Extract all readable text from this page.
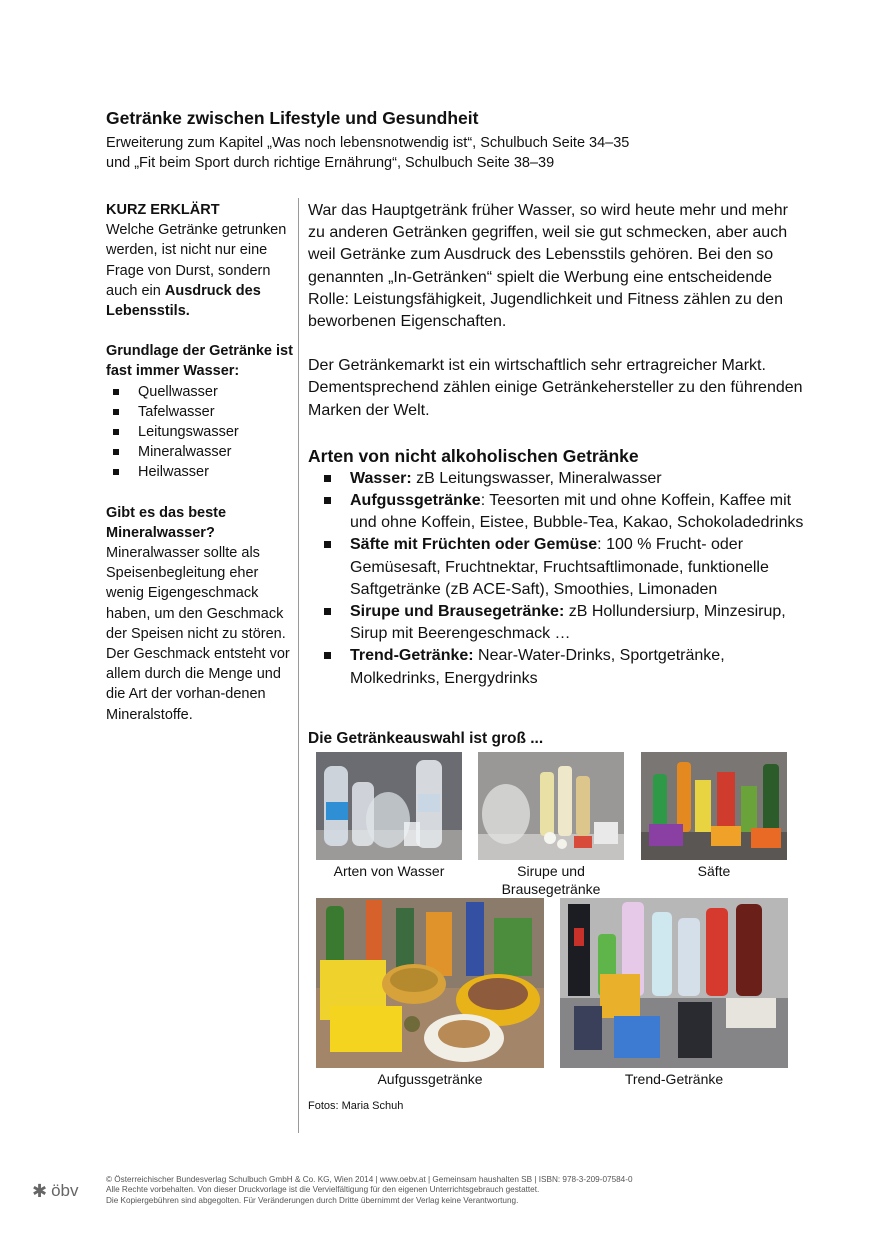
Getränke zwischen Lifestyle und Gesundheit
Erweiterung zum Kapitel „Was noch lebensnotwendig ist“, Schulbuch Seite 34–35
und „Fit beim Sport durch richtige Ernährung“, Schulbuch Seite 38–39

KURZ ERKLÄRT

Welche Getränke getrunken werden, ist nicht nur eine Frage von Durst, sondern auch ein Ausdruck des Lebensstils.

Grundlage der Getränke ist fast immer Wasser:

Quellwasser
Tafelwasser
Leitungswasser
Mineralwasser
Heilwasser

Gibt es das beste Mineralwasser?

Mineralwasser sollte als Speisenbegleitung eher wenig Eigengeschmack haben, um den Geschmack der Speisen nicht zu stören. Der Geschmack entsteht vor allem durch die Menge und die Art der vorhan-denen Mineralstoffe.

War das Hauptgetränk früher Wasser, so wird heute mehr und mehr zu anderen Getränken gegriffen, weil sie gut schmecken, aber auch weil Getränke zum Ausdruck des Lebensstils gehören. Bei den so genannten „In-Getränken“ spielt die Werbung eine entscheidende Rolle: Leistungsfähigkeit, Jugendlichkeit und Fitness zählen zu den beworbenen Eigenschaften.

Der Getränkemarkt ist ein wirtschaftlich sehr ertragreicher Markt. Dementsprechend zählen einige Getränkehersteller zu den führenden Marken der Welt.

Arten von nicht alkoholischen Getränke
Wasser: zB Leitungswasser, Mineralwasser
Aufgussgetränke: Teesorten mit und ohne Koffein, Kaffee mit und ohne Koffein, Eistee, Bubble-Tea, Kakao, Schokoladedrinks
Säfte mit Früchten oder Gemüse: 100 % Frucht- oder Gemüsesaft, Fruchtnektar, Fruchtsaftlimonade, funktionelle Saftgetränke (zB ACE-Saft), Smoothies, Limonaden
Sirupe und Brausegetränke: zB Hollundersiurp, Minzesirup, Sirup mit Beerengeschmack …
Trend-Getränke: Near-Water-Drinks, Sportgetränke, Molkedrinks, Energydrinks
Die Getränkeauswahl ist groß ...
Arten von Wasser	Sirupe und
Brausegetränke
Säfte
Aufgussgetränke	Trend-Getränke
Fotos: Maria Schuh
✱ öbv
© Österreichischer Bundesverlag Schulbuch GmbH & Co. KG, Wien 2014 | www.oebv.at | Gemeinsam haushalten SB | ISBN: 978-3-209-07584-0
Alle Rechte vorbehalten. Von dieser Druckvorlage ist die Vervielfältigung für den eigenen Unterrichtsgebrauch gestattet.
Die Kopiergebühren sind abgegolten. Für Veränderungen durch Dritte übernimmt der Verlag keine Verantwortung.
